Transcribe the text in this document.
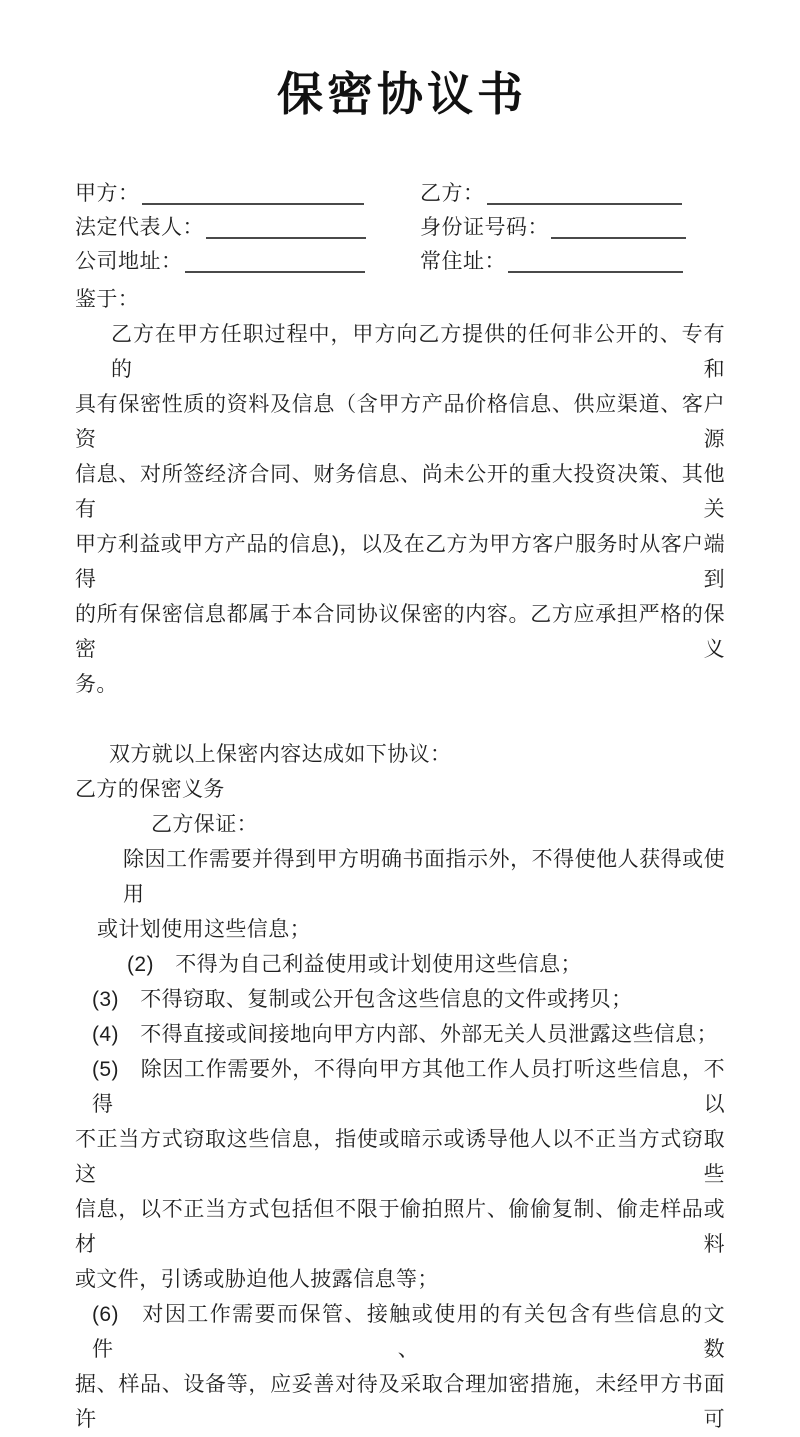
保密协议书
甲方：	乙方：
法定代表人：	身份证号码：
公司地址：	常住址：
鉴于：
乙方在甲方任职过程中，甲方向乙方提供的任何非公开的、专有的和
具有保密性质的资料及信息（含甲方产品价格信息、供应渠道、客户资源
信息、对所签经济合同、财务信息、尚未公开的重大投资决策、其他有关
甲方利益或甲方产品的信息)，以及在乙方为甲方客户服务时从客户端得到
的所有保密信息都属于本合同协议保密的内容。乙方应承担严格的保密义
务。
双方就以上保密内容达成如下协议：
乙方的保密义务
乙方保证：
除因工作需要并得到甲方明确书面指示外，不得使他人获得或使用
或计划使用这些信息；
(2)　不得为自己利益使用或计划使用这些信息；
(3)　不得窃取、复制或公开包含这些信息的文件或拷贝；
(4)　不得直接或间接地向甲方内部、外部无关人员泄露这些信息；
(5)　除因工作需要外，不得向甲方其他工作人员打听这些信息，不得以
不正当方式窃取这些信息，指使或暗示或诱导他人以不正当方式窃取这些
信息，以不正当方式包括但不限于偷拍照片、偷偷复制、偷走样品或材料
或文件，引诱或胁迫他人披露信息等；
(6)　对因工作需要而保管、接触或使用的有关包含有些信息的文件、数
据、样品、设备等，应妥善对待及采取合理加密措施，未经甲方书面许可
